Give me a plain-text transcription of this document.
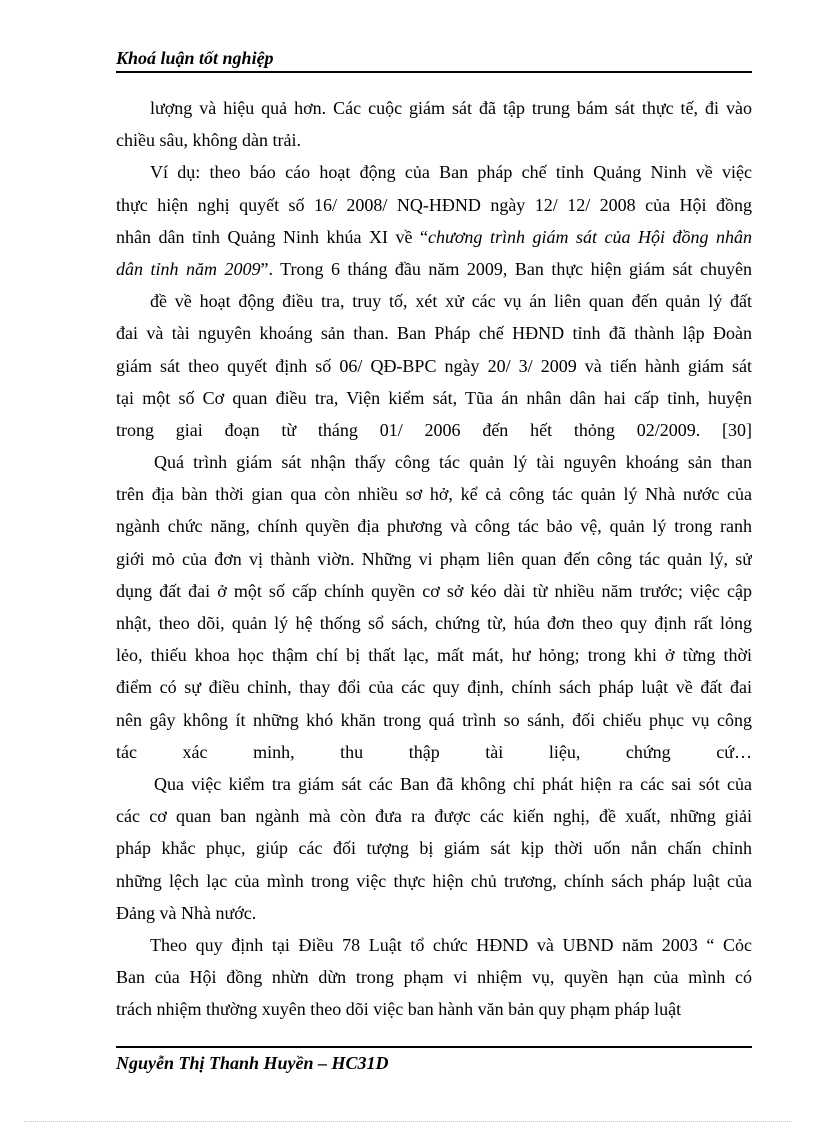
Khoá luận tốt nghiệp
lượng và hiệu quả hơn. Các cuộc giám sát đã tập trung bám sát thực tế, đi vào
chiều sâu, không dàn trải.
Ví dụ: theo báo cáo hoạt động của Ban pháp chế tỉnh Quảng Ninh về việc
thực hiện nghị quyết số 16/ 2008/ NQ-HĐND ngày 12/ 12/ 2008 của Hội đồng
nhân dân tỉnh Quảng Ninh khúa XI về “chương trình giám sát của Hội đồng nhân
dân tỉnh năm 2009”. Trong 6 tháng đầu năm 2009, Ban thực hiện giám sát chuyên
đề về hoạt động điều tra, truy tố, xét xử các vụ án liên quan đến quản lý đất
đai và tài nguyên khoáng sản than. Ban Pháp chế HĐND tỉnh đã thành lập Đoàn
giám sát theo quyết định số 06/ QĐ-BPC ngày 20/ 3/ 2009 và tiến hành giám sát
tại một số Cơ quan điều tra, Viện kiểm sát, Tũa án nhân dân hai cấp tỉnh, huyện
trong giai đoạn từ tháng 01/ 2006 đến hết thỏng 02/2009. [30]
Quá trình giám sát nhận thấy công tác quản lý tài nguyên khoáng sản than
trên địa bàn thời gian qua còn nhiều sơ hở, kể cả công tác quản lý Nhà nước của
ngành chức năng, chính quyền địa phương và công tác bảo vệ, quản lý trong ranh
giới mỏ của đơn vị thành viờn. Những vi phạm liên quan đến công tác quản lý, sử
dụng đất đai ở một số cấp chính quyền cơ sở kéo dài từ nhiều năm trước; việc cập
nhật, theo dõi, quản lý hệ thống sổ sách, chứng từ, húa đơn theo quy định rất lỏng
lẻo, thiếu khoa học thậm chí bị thất lạc, mất mát, hư hỏng; trong khi ở từng thời
điểm có sự điều chỉnh, thay đổi của các quy định, chính sách pháp luật về đất đai
nên gây không ít những khó khăn trong quá trình so sánh, đối chiếu phục vụ công
tác xác minh, thu thập tài liệu, chứng cứ…
Qua việc kiểm tra giám sát các Ban đã không chỉ phát hiện ra các sai sót của
các cơ quan ban ngành mà còn đưa ra được các kiến nghị, đề xuất, những giải
pháp khắc phục, giúp các đối tượng bị giám sát kịp thời uốn nắn chấn chỉnh
những lệch lạc của mình trong việc thực hiện chủ trương, chính sách pháp luật của
Đảng và Nhà nước.
Theo quy định tại Điều 78 Luật tổ chức HĐND và UBND năm 2003 “ Cỏc
Ban của Hội đồng nhừn dừn trong phạm vi nhiệm vụ, quyền hạn của mình có
trách nhiệm thường xuyên theo dõi việc ban hành văn bản quy phạm pháp luật
Nguyễn Thị Thanh Huyền – HC31D
